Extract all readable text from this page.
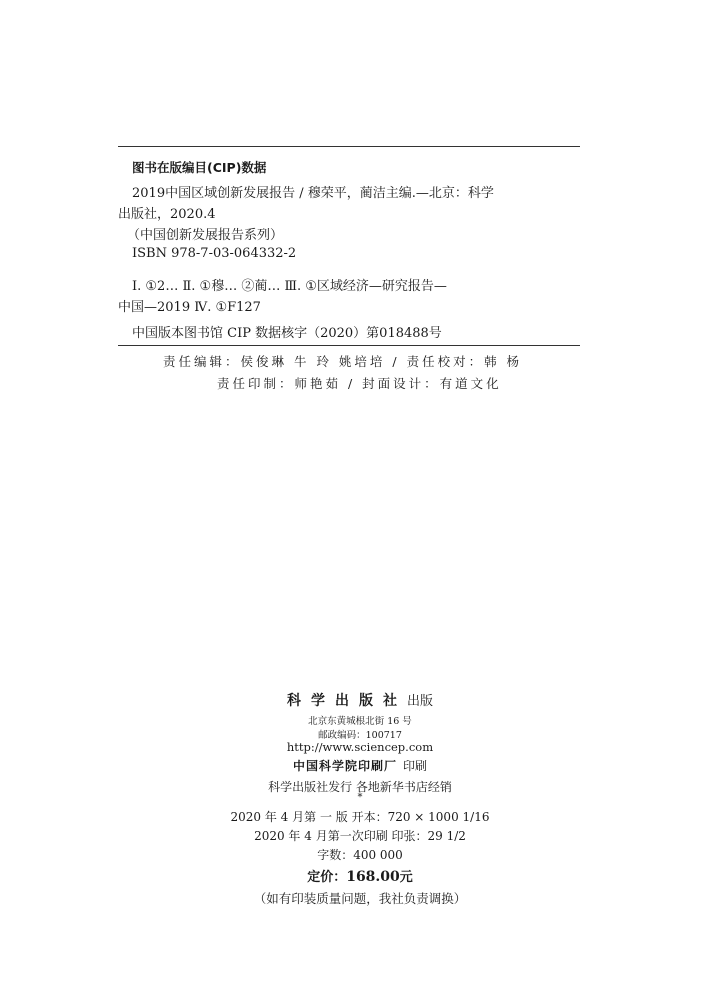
图书在版编目(CIP)数据
2019中国区域创新发展报告 / 穆荣平，蔺洁主编.—北京：科学
出版社，2020.4
（中国创新发展报告系列）
ISBN 978-7-03-064332-2
Ⅰ. ①2… Ⅱ. ①穆… ②蔺… Ⅲ. ①区域经济—研究报告—
中国—2019 Ⅳ. ①F127
中国版本图书馆 CIP 数据核字（2020）第018488号
责任编辑：侯俊琳 牛 玲 姚培培 / 责任校对：韩 杨
责任印制：师艳茹 / 封面设计：有道文化
科学出版社出版
北京东黄城根北街 16 号
邮政编码：100717
http://www.sciencep.com
中国科学院印刷厂 印刷
科学出版社发行 各地新华书店经销
*
2020 年 4 月第 一 版 开本：720 × 1000 1/16
2020 年 4 月第一次印刷 印张：29 1/2
字数：400 000
定价：168.00元
（如有印装质量问题，我社负责调换）
